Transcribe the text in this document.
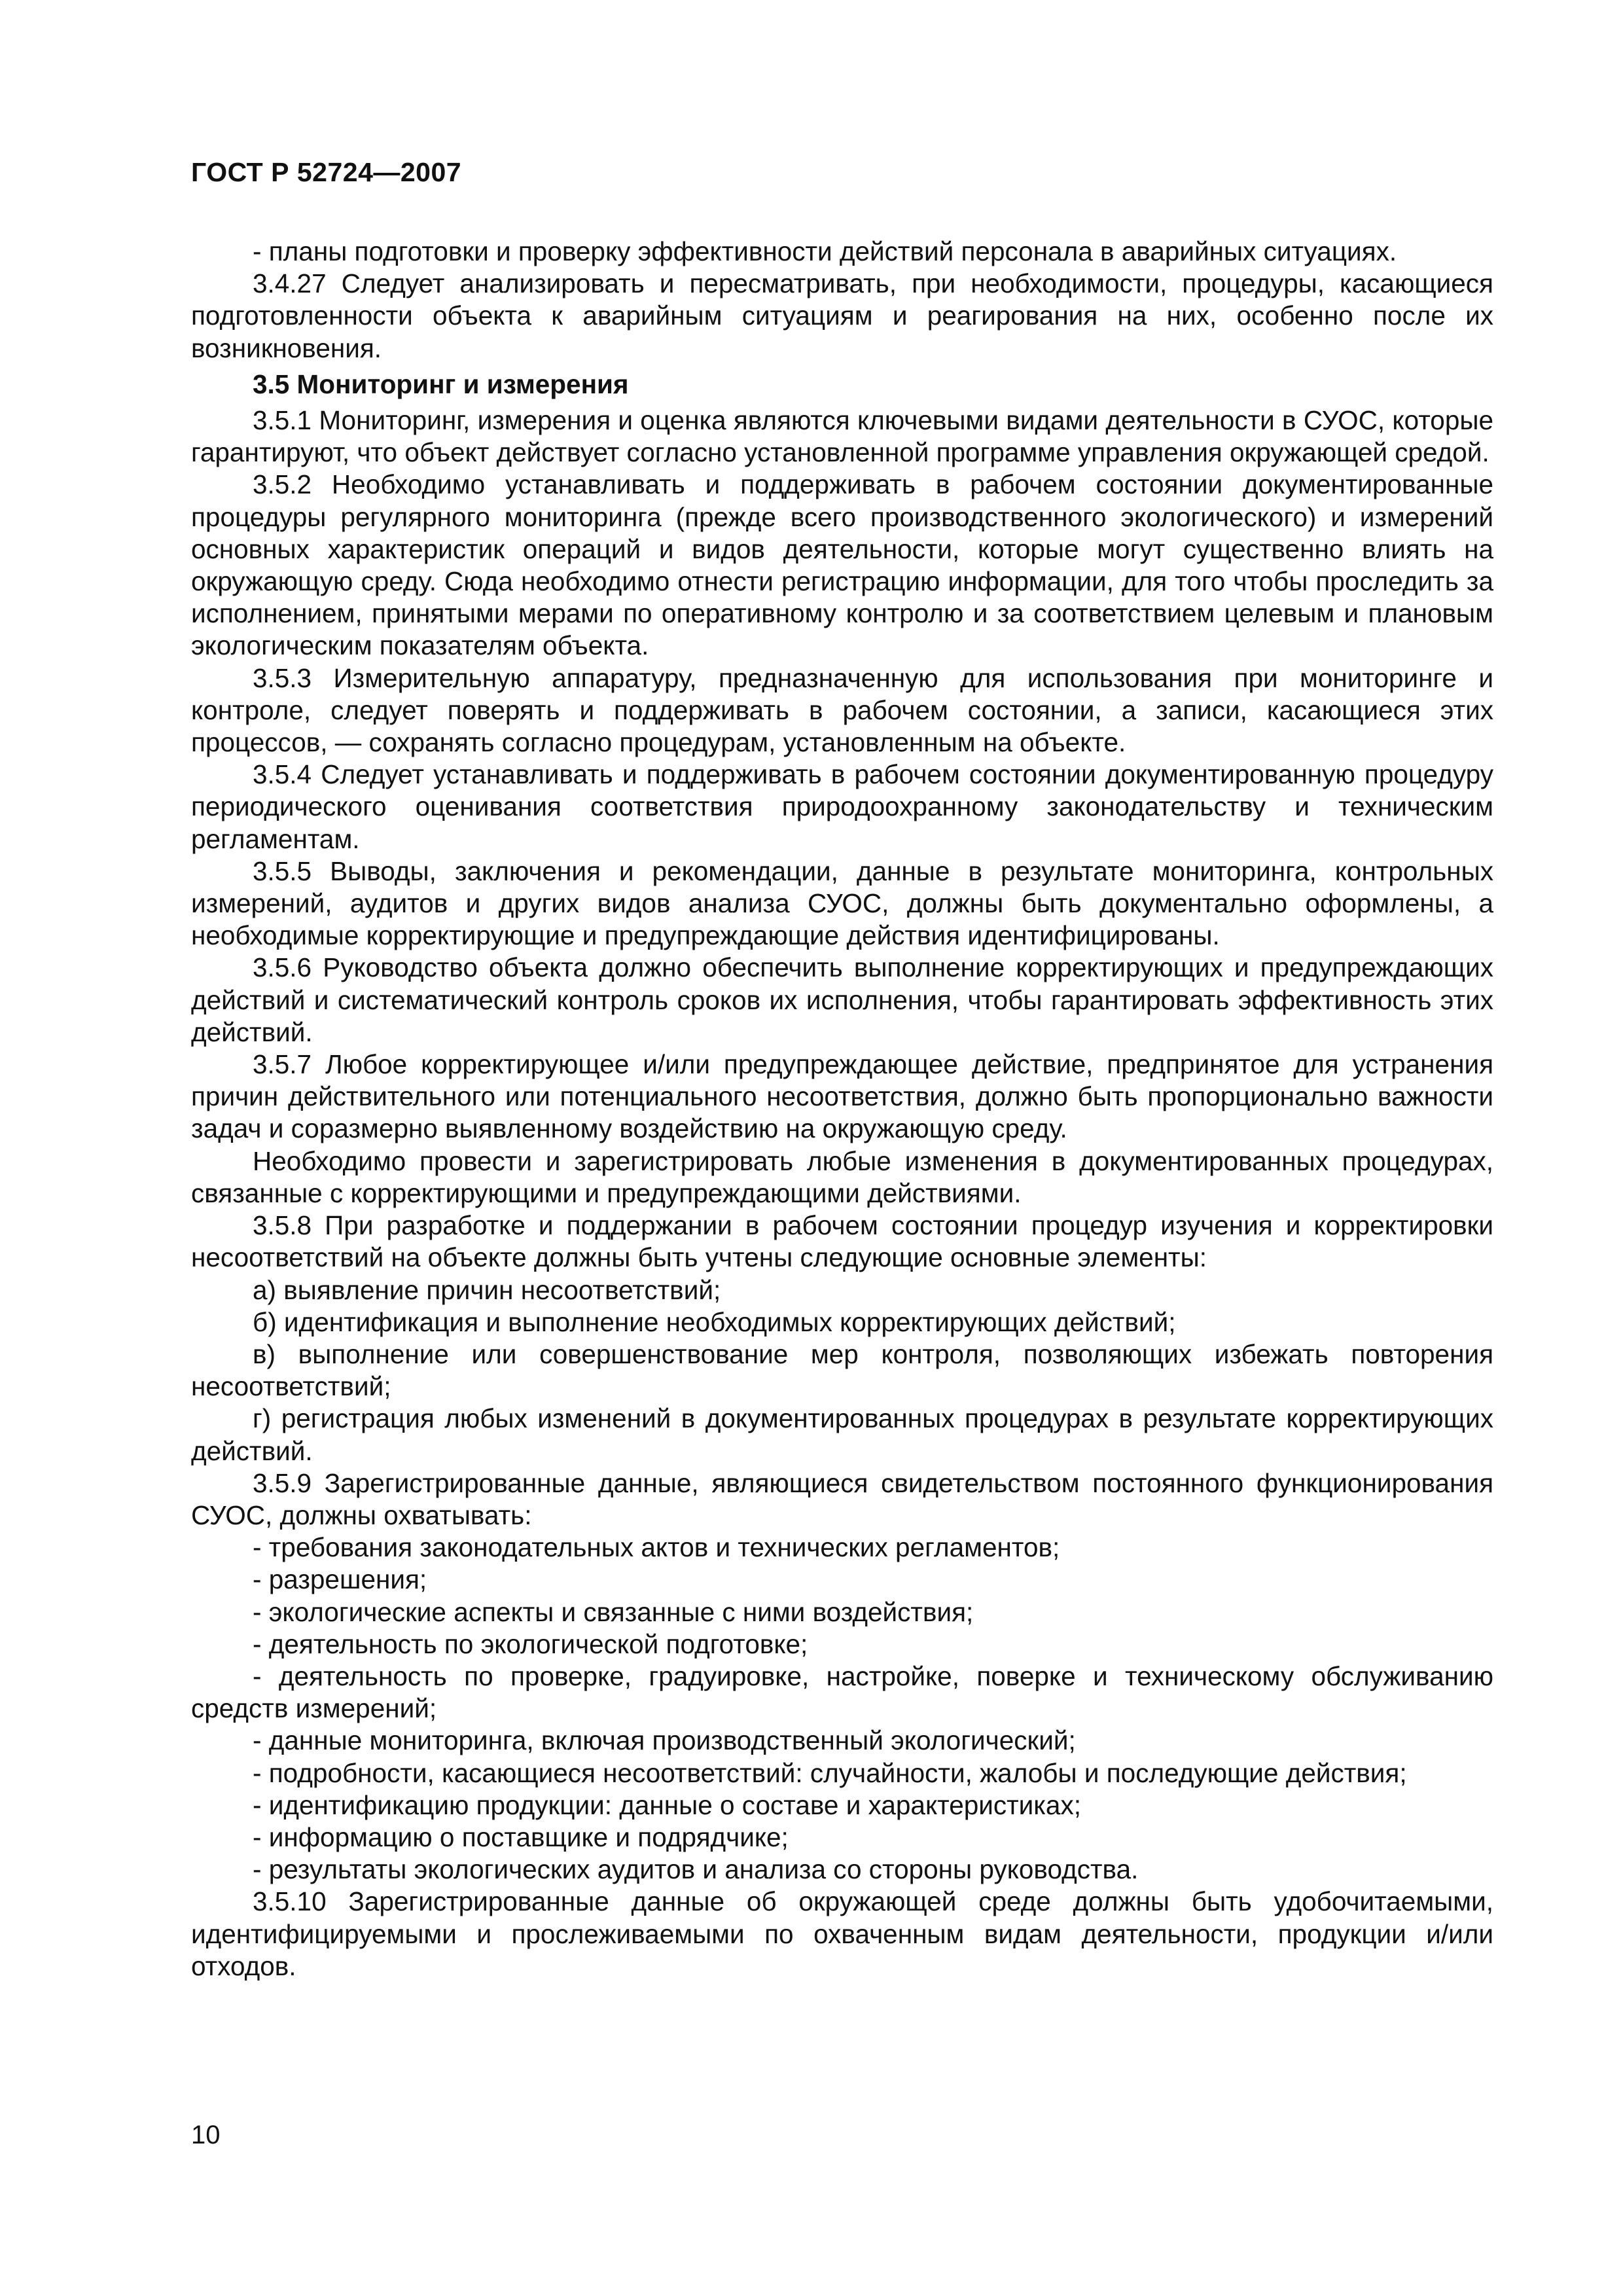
ГОСТ Р 52724—2007

- планы подготовки и проверку эффективности действий персонала в аварийных ситуациях.

3.4.27 Следует анализировать и пересматривать, при необходимости, процедуры, касающиеся подготовленности объекта к аварийным ситуациям и реагирования на них, особенно после их возникновения.

3.5 Мониторинг и измерения

3.5.1 Мониторинг, измерения и оценка являются ключевыми видами деятельности в СУОС, которые гарантируют, что объект действует согласно установленной программе управления окружающей средой.

3.5.2 Необходимо устанавливать и поддерживать в рабочем состоянии документированные процедуры регулярного мониторинга (прежде всего производственного экологического) и измерений основных характеристик операций и видов деятельности, которые могут существенно влиять на окружающую среду. Сюда необходимо отнести регистрацию информации, для того чтобы проследить за исполнением, принятыми мерами по оперативному контролю и за соответствием целевым и плановым экологическим показателям объекта.

3.5.3 Измерительную аппаратуру, предназначенную для использования при мониторинге и контроле, следует поверять и поддерживать в рабочем состоянии, а записи, касающиеся этих процессов, — сохранять согласно процедурам, установленным на объекте.

3.5.4 Следует устанавливать и поддерживать в рабочем состоянии документированную процедуру периодического оценивания соответствия природоохранному законодательству и техническим регламентам.

3.5.5 Выводы, заключения и рекомендации, данные в результате мониторинга, контрольных измерений, аудитов и других видов анализа СУОС, должны быть документально оформлены, а необходимые корректирующие и предупреждающие действия идентифицированы.

3.5.6 Руководство объекта должно обеспечить выполнение корректирующих и предупреждающих действий и систематический контроль сроков их исполнения, чтобы гарантировать эффективность этих действий.

3.5.7 Любое корректирующее и/или предупреждающее действие, предпринятое для устранения причин действительного или потенциального несоответствия, должно быть пропорционально важности задач и соразмерно выявленному воздействию на окружающую среду.

Необходимо провести и зарегистрировать любые изменения в документированных процедурах, связанные с корректирующими и предупреждающими действиями.

3.5.8 При разработке и поддержании в рабочем состоянии процедур изучения и корректировки несоответствий на объекте должны быть учтены следующие основные элементы:

а) выявление причин несоответствий;

б) идентификация и выполнение необходимых корректирующих действий;

в) выполнение или совершенствование мер контроля, позволяющих избежать повторения несоответствий;

г) регистрация любых изменений в документированных процедурах в результате корректирующих действий.

3.5.9 Зарегистрированные данные, являющиеся свидетельством постоянного функционирования СУОС, должны охватывать:

- требования законодательных актов и технических регламентов;

- разрешения;

- экологические аспекты и связанные с ними воздействия;

- деятельность по экологической подготовке;

- деятельность по проверке, градуировке, настройке, поверке и техническому обслуживанию средств измерений;

- данные мониторинга, включая производственный экологический;

- подробности, касающиеся несоответствий: случайности, жалобы и последующие действия;

- идентификацию продукции: данные о составе и характеристиках;

- информацию о поставщике и подрядчике;

- результаты экологических аудитов и анализа со стороны руководства.

3.5.10 Зарегистрированные данные об окружающей среде должны быть удобочитаемыми, идентифицируемыми и прослеживаемыми по охваченным видам деятельности, продукции и/или отходов.

10
